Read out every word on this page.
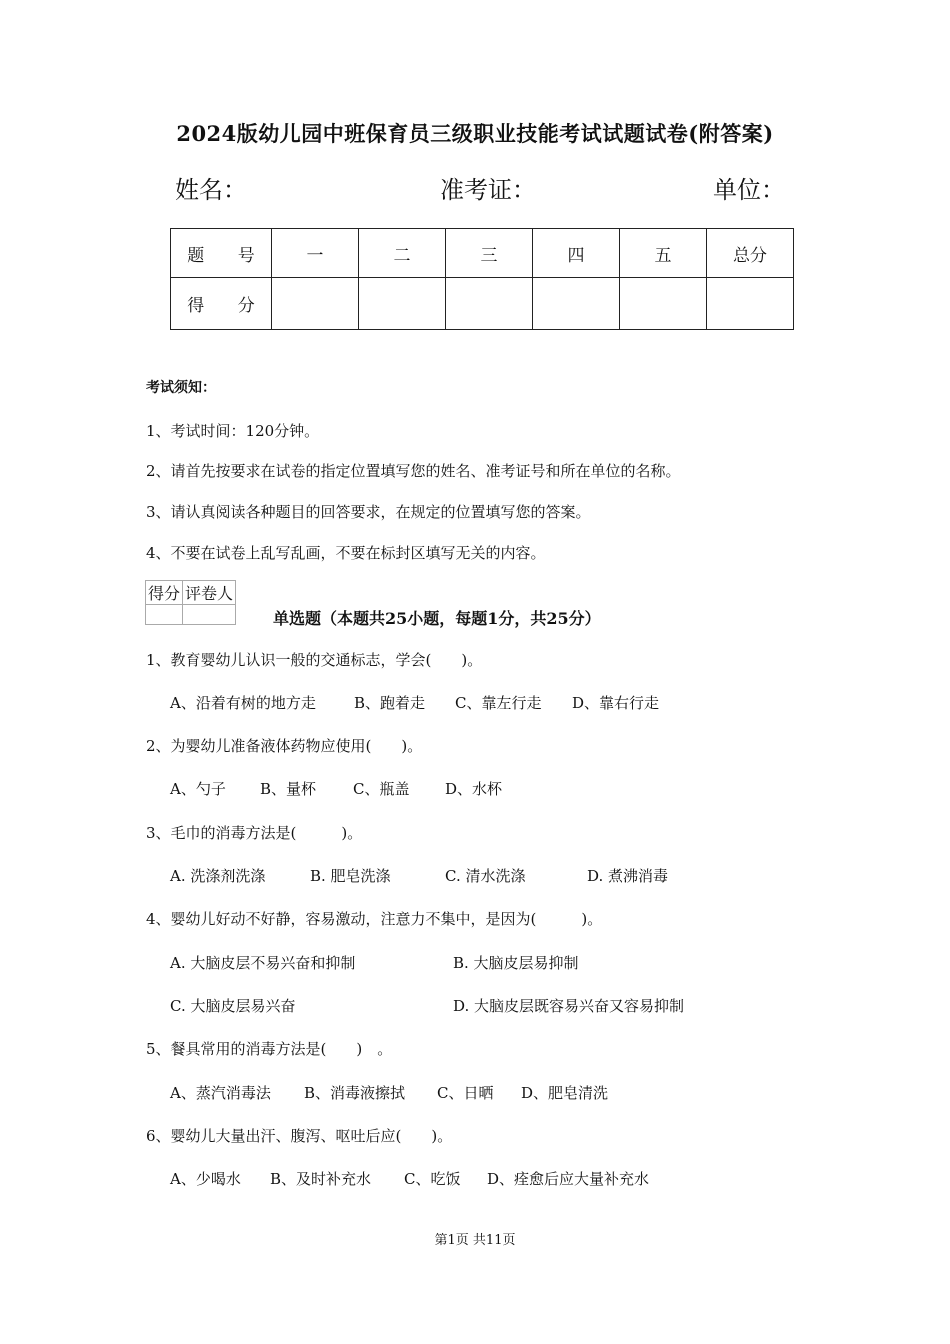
2024版幼儿园中班保育员三级职业技能考试试题试卷(附答案)
姓名：	准考证：	单位：
题 号	一	二	三	四	五	总分
得 分						
考试须知：
1、考试时间：120分钟。
2、请首先按要求在试卷的指定位置填写您的姓名、准考证号和所在单位的名称。
3、请认真阅读各种题目的回答要求，在规定的位置填写您的答案。
4、不要在试卷上乱写乱画，不要在标封区填写无关的内容。
得分	评卷人

单选题（本题共25小题，每题1分，共25分）
1、教育婴幼儿认识一般的交通标志，学会(　　)。
A、沿着有树的地方走	B、跑着走 C、靠左行走 D、靠右行走
2、为婴幼儿准备液体药物应使用(　　)。
A、勺子 B、量杯 C、瓶盖 D、水杯
3、毛巾的消毒方法是(　　　)。
A. 洗涤剂洗涤	B. 肥皂洗涤	C. 清水洗涤	D. 煮沸消毒
4、婴幼儿好动不好静，容易激动，注意力不集中，是因为(　　　)。
A. 大脑皮层不易兴奋和抑制	B. 大脑皮层易抑制
C. 大脑皮层易兴奋	D. 大脑皮层既容易兴奋又容易抑制
5、餐具常用的消毒方法是(　　)　。
A、蒸汽消毒法 B、消毒液擦拭 C、日晒 D、肥皂清洗
6、婴幼儿大量出汗、腹泻、呕吐后应(　　)。
A、少喝水 B、及时补充水 C、吃饭 D、痊愈后应大量补充水
第1页 共11页
